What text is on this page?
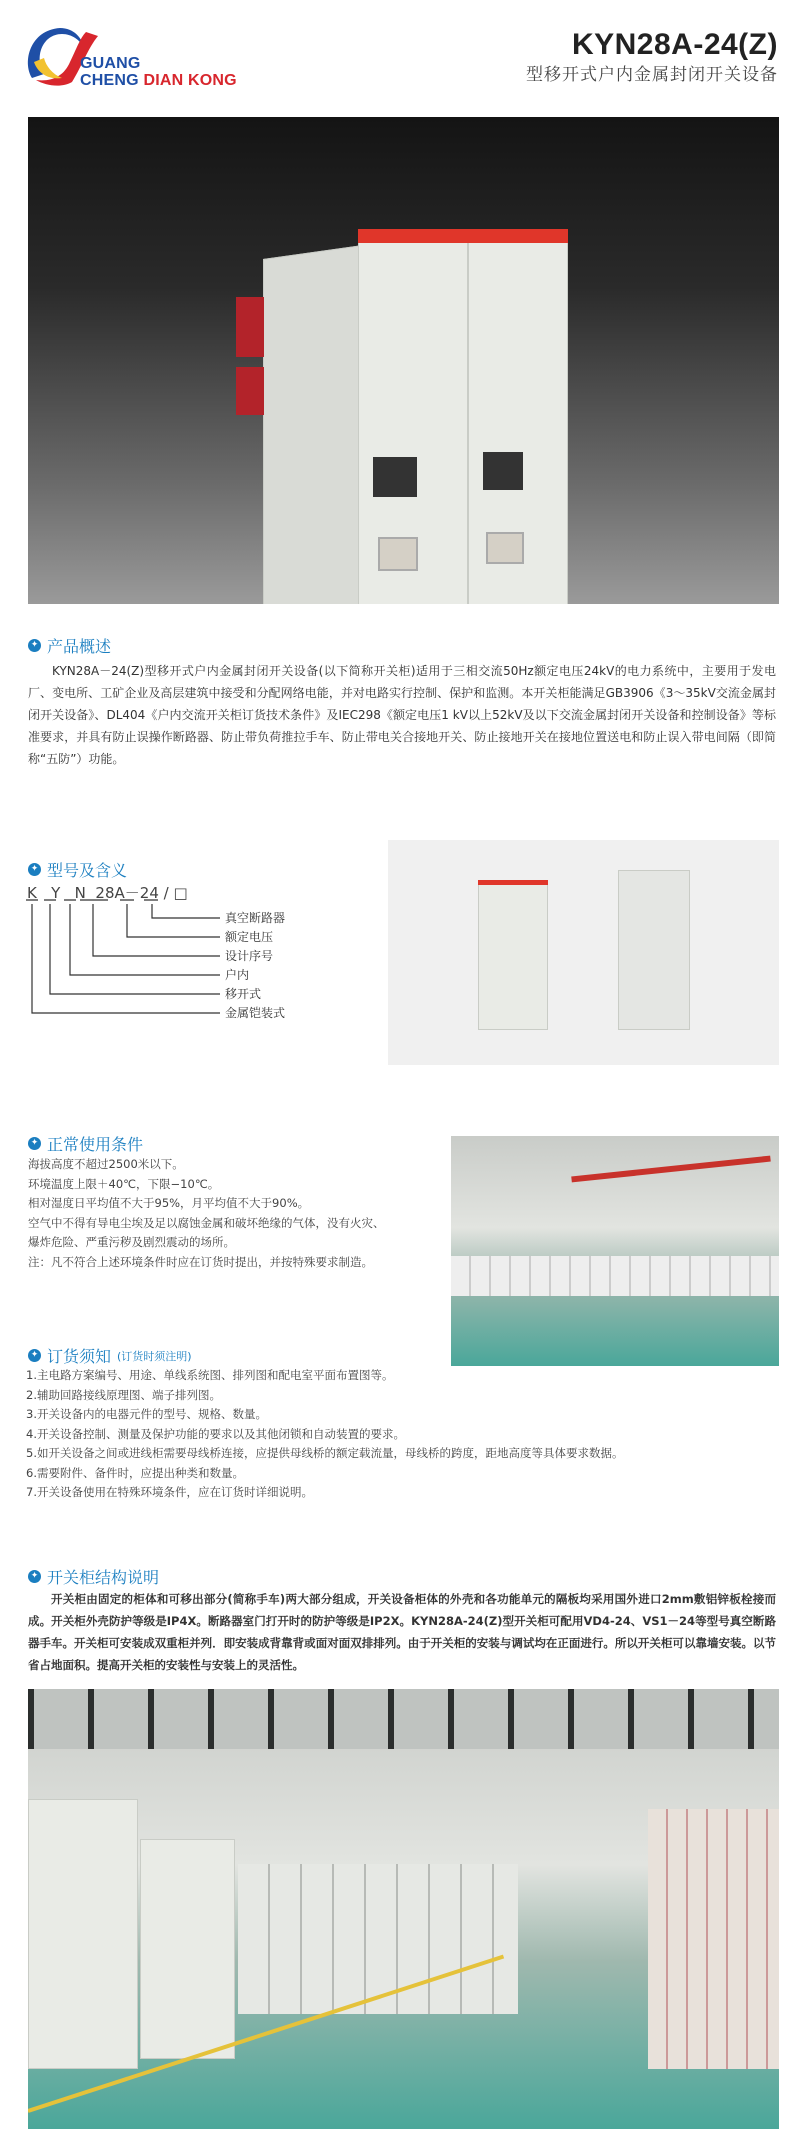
GUANG
CHENG DIAN KONG
KYN28A-24(Z)
型移开式户内金属封闭开关设备
✦ 产品概述
KYN28A－24(Z)型移开式户内金属封闭开关设备(以下简称开关柜)适用于三相交流50Hz额定电压24kV的电力系统中，主要用于发电厂、变电所、工矿企业及高层建筑中接受和分配网络电能，并对电路实行控制、保护和监测。本开关柜能满足GB3906《3～35kV交流金属封闭开关设备》、DL404《户内交流开关柜订货技术条件》及IEC298《额定电压1 kV以上52kV及以下交流金属封闭开关设备和控制设备》等标准要求，并具有防止误操作断路器、防止带负荷推拉手车、防止带电关合接地开关、防止接地开关在接地位置送电和防止误入带电间隔（即简称“五防”）功能。
✦ 型号及含义
K Y N 28A－24 / □
真空断路器
额定电压
设计序号
户内
移开式
金属铠装式
✦ 正常使用条件
海拔高度不超过2500米以下。
环境温度上限＋40℃，下限−10℃。
相对湿度日平均值不大于95%，月平均值不大于90%。
空气中不得有导电尘埃及足以腐蚀金属和破坏绝缘的气体，没有火灾、
爆炸危险、严重污秽及剧烈震动的场所。
注：凡不符合上述环境条件时应在订货时提出，并按特殊要求制造。
✦ 订货须知 (订货时须注明)
1.主电路方案编号、用途、单线系统图、排列图和配电室平面布置图等。
2.辅助回路接线原理图、端子排列图。
3.开关设备内的电器元件的型号、规格、数量。
4.开关设备控制、测量及保护功能的要求以及其他闭锁和自动装置的要求。
5.如开关设备之间或进线柜需要母线桥连接，应提供母线桥的额定载流量，母线桥的跨度，距地高度等具体要求数据。
6.需要附件、备件时，应提出种类和数量。
7.开关设备使用在特殊环境条件，应在订货时详细说明。
✦ 开关柜结构说明
开关柜由固定的柜体和可移出部分(简称手车)两大部分组成，开关设备柜体的外壳和各功能单元的隔板均采用国外进口2mm敷铝锌板栓接而成。开关柜外壳防护等级是IP4X。断路器室门打开时的防护等级是IP2X。KYN28A-24(Z)型开关柜可配用VD4-24、VS1－24等型号真空断路器手车。开关柜可安装成双重柜并列．即安装成背靠背或面对面双排排列。由于开关柜的安装与调试均在正面进行。所以开关柜可以靠墙安装。以节省占地面积。提高开关柜的安装性与安装上的灵活性。
